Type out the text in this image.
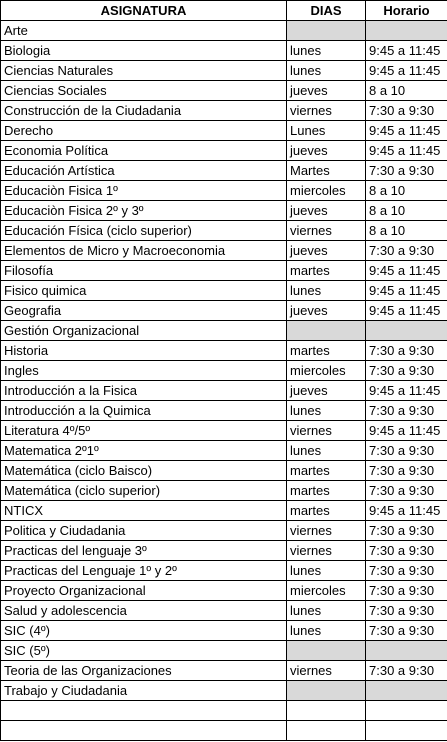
ASIGNATURA	DIAS	Horario
Arte		
Biologia	lunes	9:45 a 11:45
Ciencias Naturales	lunes	9:45 a 11:45
Ciencias Sociales	jueves	8 a 10
Construcción de la Ciudadania	viernes	7:30 a 9:30
Derecho	Lunes	9:45 a 11:45
Economia Política	jueves	9:45 a 11:45
Educación Artística	Martes	7:30 a 9:30
Educaciòn Fisica 1º	miercoles	8 a 10
Educaciòn Fisica 2º y 3º	jueves	8 a 10
Educación Física (ciclo superior)	viernes	8 a 10
Elementos de Micro y Macroeconomia	jueves	7:30 a 9:30
Filosofía	martes	9:45 a 11:45
Fisico quimica	lunes	9:45 a 11:45
Geografia	jueves	9:45 a 11:45
Gestión Organizacional		
Historia	martes	7:30 a 9:30
Ingles	miercoles	7:30 a 9:30
Introducción a la Fisica	jueves	9:45 a 11:45
Introducción a la Quimica	lunes	7:30 a 9:30
Literatura 4º/5º	viernes	9:45 a 11:45
Matematica 2º1º	lunes	7:30 a 9:30
Matemática (ciclo Baisco)	martes	7:30 a 9:30
Matemática (ciclo superior)	martes	7:30 a 9:30
NTICX	martes	9:45 a 11:45
Politica y Ciudadania	viernes	7:30 a 9:30
Practicas del lenguaje 3º	viernes	7:30 a 9:30
Practicas del Lenguaje 1º y 2º	lunes	7:30 a 9:30
Proyecto Organizacional	miercoles	7:30 a 9:30
Salud y adolescencia	lunes	7:30 a 9:30
SIC (4º)	lunes	7:30 a 9:30
SIC (5º)		
Teoria de las Organizaciones	viernes	7:30 a 9:30
Trabajo y Ciudadania		
